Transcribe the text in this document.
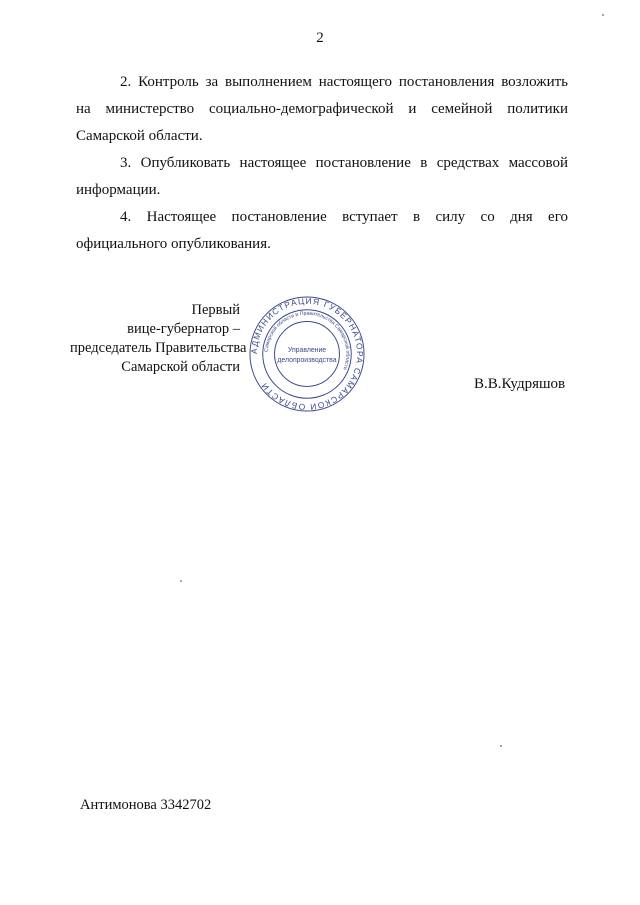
2
2. Контроль за выполнением настоящего постановления возложить
на министерство социально-демографической и семейной политики
Самарской области.
3. Опубликовать настоящее постановление в средствах массовой
информации.
4. Настоящее постановление вступает в силу со дня его
официального опубликования.
Первый
вице-губернатор –
председатель Правительства
Самарской области
АДМИНИСТРАЦИЯ ГУБЕРНАТОРА САМАРСКОЙ ОБЛАСТИ
Самарской области и Правительства Самарской области
Управление
делопроизводства
В.В.Кудряшов
Антимонова 3342702
